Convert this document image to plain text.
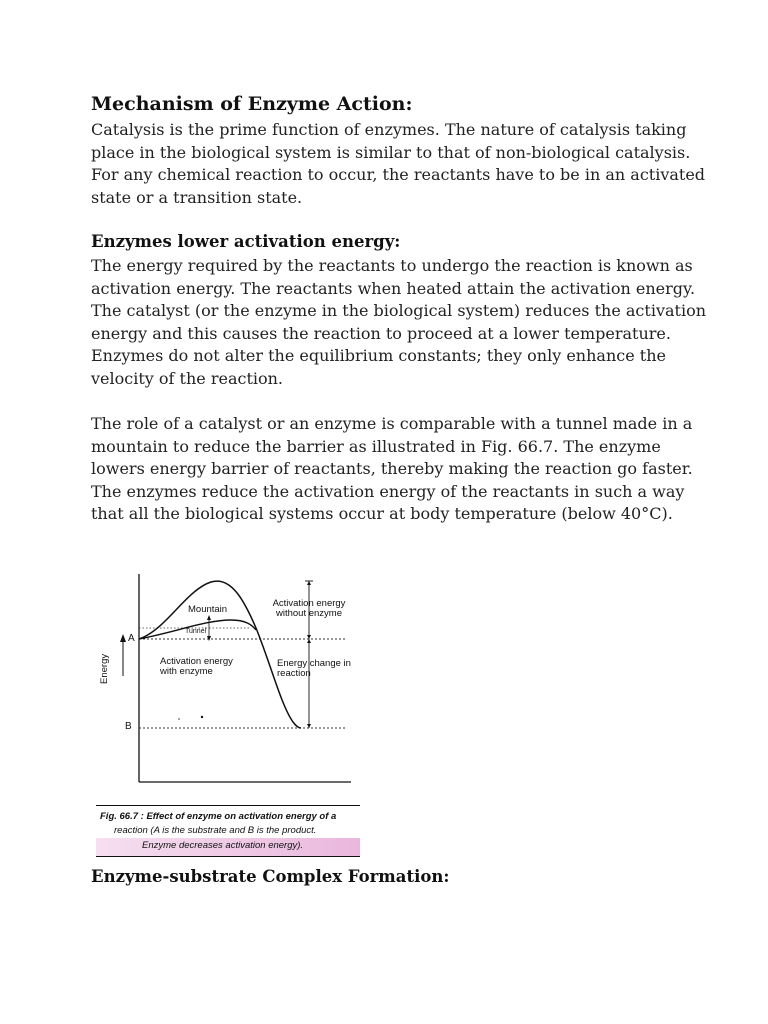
Mechanism of Enzyme Action:

Catalysis is the prime function of enzymes. The nature of catalysis taking place in the biological system is similar to that of non-biological catalysis. For any chemical reaction to occur, the reactants have to be in an activated state or a transition state.

Enzymes lower activation energy:

The energy required by the reactants to undergo the reaction is known as activation energy. The reactants when heated attain the activation energy. The catalyst (or the enzyme in the biological system) reduces the activation energy and this causes the reaction to proceed at a lower temperature. Enzymes do not alter the equilibrium constants; they only enhance the velocity of the reaction.

The role of a catalyst or an enzyme is comparable with a tunnel made in a mountain to reduce the barrier as illustrated in Fig. 66.7. The enzyme lowers energy barrier of reactants, thereby making the reaction go faster. The enzymes reduce the activation energy of the reactants in such a way that all the biological systems occur at body temperature (below 40°C).

Mountain

Tunnel

Activation energy without enzyme

Activation energy with enzyme

Energy change in reaction

A

B

Energy

Fig. 66.7 : Effect of enzyme on activation energy of a

reaction (A is the substrate and B is the product.

Enzyme decreases activation energy).

Enzyme-substrate Complex Formation:
